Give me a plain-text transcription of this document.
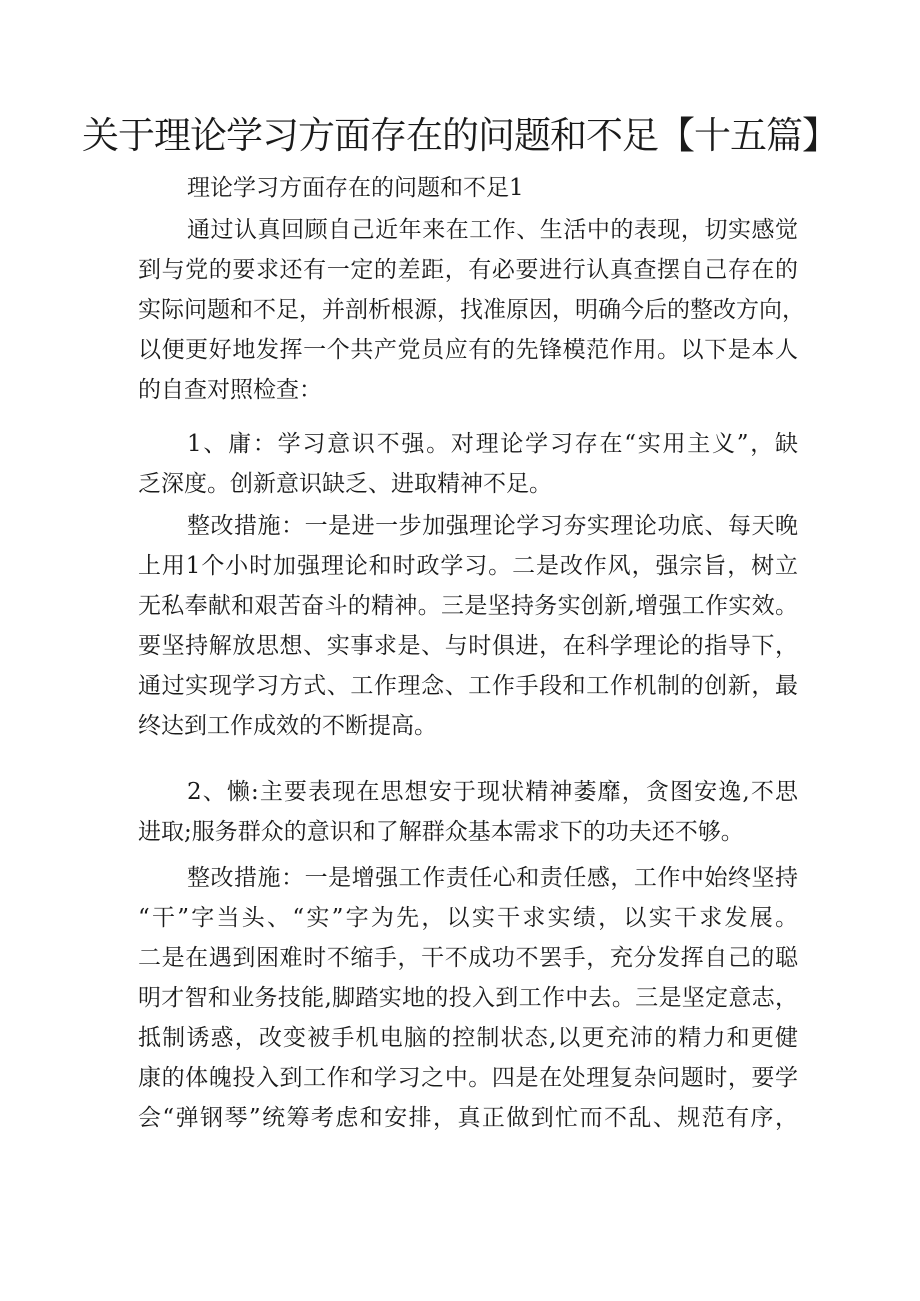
关于理论学习方面存在的问题和不足【十五篇】
理论学习方面存在的问题和不足1
通过认真回顾自己近年来在工作、生活中的表现，切实感觉
到与党的要求还有一定的差距，有必要进行认真查摆自己存在的
实际问题和不足，并剖析根源，找准原因，明确今后的整改方向，
以便更好地发挥一个共产党员应有的先锋模范作用。以下是本人
的自查对照检查：
1、庸：学习意识不强。对理论学习存在“实用主义”，缺
乏深度。创新意识缺乏、进取精神不足。
整改措施：一是进一步加强理论学习夯实理论功底、每天晚
上用1个小时加强理论和时政学习。二是改作风，强宗旨，树立
无私奉献和艰苦奋斗的精神。三是坚持务实创新,增强工作实效。
要坚持解放思想、实事求是、与时俱进，在科学理论的指导下，
通过实现学习方式、工作理念、工作手段和工作机制的创新，最
终达到工作成效的不断提高。
2、懒:主要表现在思想安于现状精神萎靡，贪图安逸,不思
进取;服务群众的意识和了解群众基本需求下的功夫还不够。
整改措施：一是增强工作责任心和责任感，工作中始终坚持
“干”字当头、“实”字为先，以实干求实绩，以实干求发展。
二是在遇到困难时不缩手，干不成功不罢手，充分发挥自己的聪
明才智和业务技能,脚踏实地的投入到工作中去。三是坚定意志，
抵制诱惑，改变被手机电脑的控制状态,以更充沛的精力和更健
康的体魄投入到工作和学习之中。四是在处理复杂问题时，要学
会“弹钢琴”统筹考虑和安排，真正做到忙而不乱、规范有序，
